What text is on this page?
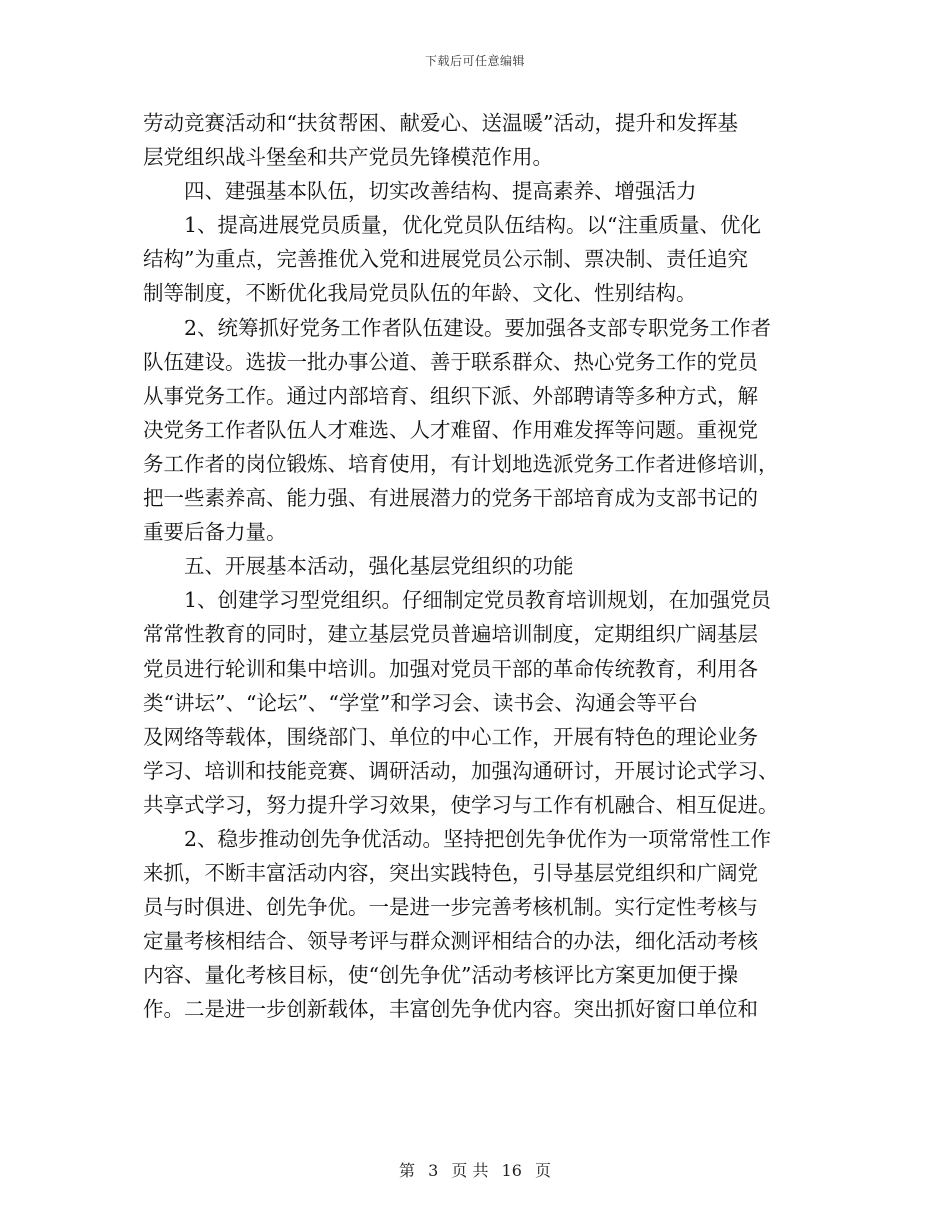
下载后可任意编辑
劳动竞赛活动和“扶贫帮困、献爱心、送温暖”活动，提升和发挥基
层党组织战斗堡垒和共产党员先锋模范作用。
　　四、建强基本队伍，切实改善结构、提高素养、增强活力
　　1、提高进展党员质量，优化党员队伍结构。以“注重质量、优化
结构”为重点，完善推优入党和进展党员公示制、票决制、责任追究
制等制度，不断优化我局党员队伍的年龄、文化、性别结构。
　　2、统筹抓好党务工作者队伍建设。要加强各支部专职党务工作者
队伍建设。选拔一批办事公道、善于联系群众、热心党务工作的党员
从事党务工作。通过内部培育、组织下派、外部聘请等多种方式，解
决党务工作者队伍人才难选、人才难留、作用难发挥等问题。重视党
务工作者的岗位锻炼、培育使用，有计划地选派党务工作者进修培训，
把一些素养高、能力强、有进展潜力的党务干部培育成为支部书记的
重要后备力量。
　　五、开展基本活动，强化基层党组织的功能
　　1、创建学习型党组织。仔细制定党员教育培训规划，在加强党员
常常性教育的同时，建立基层党员普遍培训制度，定期组织广阔基层
党员进行轮训和集中培训。加强对党员干部的革命传统教育，利用各
类“讲坛”、“论坛”、“学堂”和学习会、读书会、沟通会等平台
及网络等载体，围绕部门、单位的中心工作，开展有特色的理论业务
学习、培训和技能竞赛、调研活动，加强沟通研讨，开展讨论式学习、
共享式学习，努力提升学习效果，使学习与工作有机融合、相互促进。
　　2、稳步推动创先争优活动。坚持把创先争优作为一项常常性工作
来抓，不断丰富活动内容，突出实践特色，引导基层党组织和广阔党
员与时俱进、创先争优。一是进一步完善考核机制。实行定性考核与
定量考核相结合、领导考评与群众测评相结合的办法，细化活动考核
内容、量化考核目标，使“创先争优”活动考核评比方案更加便于操
作。二是进一步创新载体，丰富创先争优内容。突出抓好窗口单位和
第 3 页 共 16 页
